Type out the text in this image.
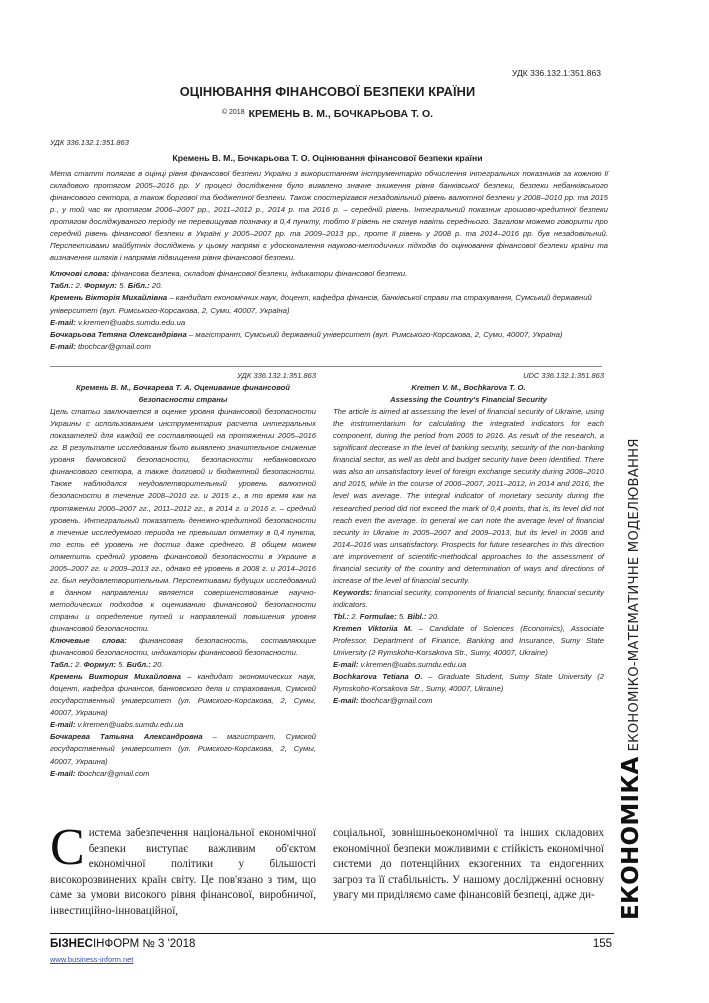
УДК 336.132.1:351.863
ОЦІНЮВАННЯ ФІНАНСОВОЇ БЕЗПЕКИ КРАЇНИ
$^{© 2018}$ КРЕМЕНЬ В. М., БОЧКАРЬОВА Т. О.
УДК 336.132.1:351.863
Кремень В. М., Бочкарьова Т. О. Оцінювання фінансової безпеки країни

Мета статті полягає в оцінці рівня фінансової безпеки України з використанням інструментарію обчислення інтегральних показників за кожною її складовою протягом 2005–2016 рр. У процесі дослідження було виявлено значне зниження рівня банківської безпеки, безпеки небанківського фінансового сектора, а також боргової та бюджетної безпеки. Також спостерігався незадовільний рівень валютної безпеки у 2008–2010 рр. та 2015 р., у той час як протягом 2006–2007 рр., 2011–2012 р., 2014 р. та 2016 р. – середній рівень. Інтегральний показник грошово-кредитної безпеки протягом досліджуваного періоду не перевищував позначку в 0,4 пункту, тобто її рівень не сягнув навіть середнього. Загалом можемо говорити про середній рівень фінансової безпеки в Україні у 2005–2007 рр. та 2009–2013 рр., проте її рівень у 2008 р. та 2014–2016 рр. був незадовільний. Перспективами майбутніх досліджень у цьому напрямі є удосконалення науково-методичних підходів до оцінювання фінансової безпеки країни та визначення шляхів і напрямів підвищення рівня фінансової безпеки.

Ключові слова: фінансова безпека, складові фінансової безпеки, індикатори фінансової безпеки.
Табл.: 2. Формул: 5. Бібл.: 20.
Кремень Вікторія Михайлівна – кандидат економічних наук, доцент, кафедра фінансів, банківської справи та страхування, Сумський державний університет (вул. Римського-Корсакова, 2, Суми, 40007, Україна)
E-mail: v.kremen@uabs.sumdu.edu.ua
Бочкарьова Тетяна Олександрівна – магістрант, Сумський державний університет (вул. Римського-Корсакова, 2, Суми, 40007, Україна)
E-mail: tbochcar@gmail.com
УДК 336.132.1:351.863
Кремень В. М., Бочкарева Т. А. Оценивание финансовой безопасности страны

Цель статьи заключается в оценке уровня финансовой безопасности Украины с использованием инструментария расчета интегральных показателей для каждой ее составляющей на протяжении 2005–2016 гг. В результате исследования было выявлено значительное снижение уровня банковской безопасности, безопасности небанковского финансового сектора, а также долговой и бюджетной безопасности. Также наблюдался неудовлетворительный уровень валютной безопасности в течение 2008–2010 гг. и 2015 г., в то время как на протяжении 2006–2007 гг., 2011–2012 гг., в 2014 г. и 2016 г. – средний уровень. Интегральный показатель денежно-кредитной безопасности в течение исследуемого периода не превышал отметку в 0,4 пункта, то есть её уровень не достиг даже среднего. В общем можем отметить средний уровень финансовой безопасности в Украине в 2005–2007 гг. и 2009–2013 гг., однако её уровень в 2008 г. и 2014–2016 гг. был неудовлетворительным. Перспективами будущих исследований в данном направлении является совершенствование научно-методических подходов к оцениванию финансовой безопасности страны и определение путей и направлений повышения уровня финансовой безопасности.

Ключевые слова: финансовая безопасность, составляющие финансовой безопасности, индикаторы финансовой безопасности.
Табл.: 2. Формул: 5. Библ.: 20.
Кремень Виктория Михайловна – кандидат экономических наук, доцент, кафедра финансов, банковского дела и страхования, Сумской государственный университет (ул. Римского-Корсакова, 2, Сумы, 40007, Украина)
E-mail: v.kremen@uabs.sumdu.edu.ua
Бочкарева Татьяна Александровна – магистрант, Сумской государственный университет (ул. Римского-Корсакова, 2, Сумы, 40007, Украина)
E-mail: tbochcar@gmail.com
UDC 336.132.1:351.863
Kremen V. M., Bochkarova T. O.
Assessing the Country's Financial Security

The article is aimed at assessing the level of financial security of Ukraine, using the instrumentarium for calculating the integrated indicators for each component, during the period from 2005 to 2016. As result of the research, a significant decrease in the level of banking security, security of the non-banking financial sector, as well as debt and budget security have been identified. There was also an unsatisfactory level of foreign exchange security during 2008–2010 and 2015, while in the course of 2006–2007, 2011–2012, in 2014 and 2016, the level was average. The integral indicator of monetary security during the researched period did not exceed the mark of 0,4 points, that is, its level did not reach even the average. In general we can note the average level of financial security in Ukraine in 2005–2007 and 2009–2013, but its level in 2008 and 2014–2016 was unsatisfactory. Prospects for future researches in this direction are improvement of scientific-methodical approaches to the assessment of financial security of the country and determination of ways and directions of increase of the level of financial security.

Keywords: financial security, components of financial security, financial security indicators.
Tbl.: 2. Formulae: 5. Bibl.: 20.
Kremen Viktoriia M. – Candidate of Sciences (Economics), Associate Professor, Department of Finance, Banking and Insurance, Sumy State University (2 Rymskoho-Korsakova Str., Sumy, 40007, Ukraine)
E-mail: v.kremen@uabs.sumdu.edu.ua
Bochkarova Tetiana O. – Graduate Student, Sumy State University (2 Rymskoho-Korsakova Str., Sumy, 40007, Ukraine)
E-mail: tbochcar@gmail.com
ЕКОНОМІКАЕКОНОМІКО-МАТЕМАТИЧНЕ МОДЕЛЮВАННЯ
Система забезпечення національної економічної безпеки виступає важливим об'єктом економічної політики у більшості високорозвинених країн світу. Це пов'язано з тим, що саме за умови високого рівня фінансової, виробничої, інвестиційно-інноваційної,
соціальної, зовнішньоекономічної та інших складових економічної безпеки можливими є стійкість економічної системи до потенційних екзогенних та ендогенних загроз та її стабільність. У нашому дослідженні основну увагу ми приділяємо саме фінансовій безпеці, адже ди-
БІЗНЕСІНФОРМ № 3 '2018	155
www.business-inform.net
